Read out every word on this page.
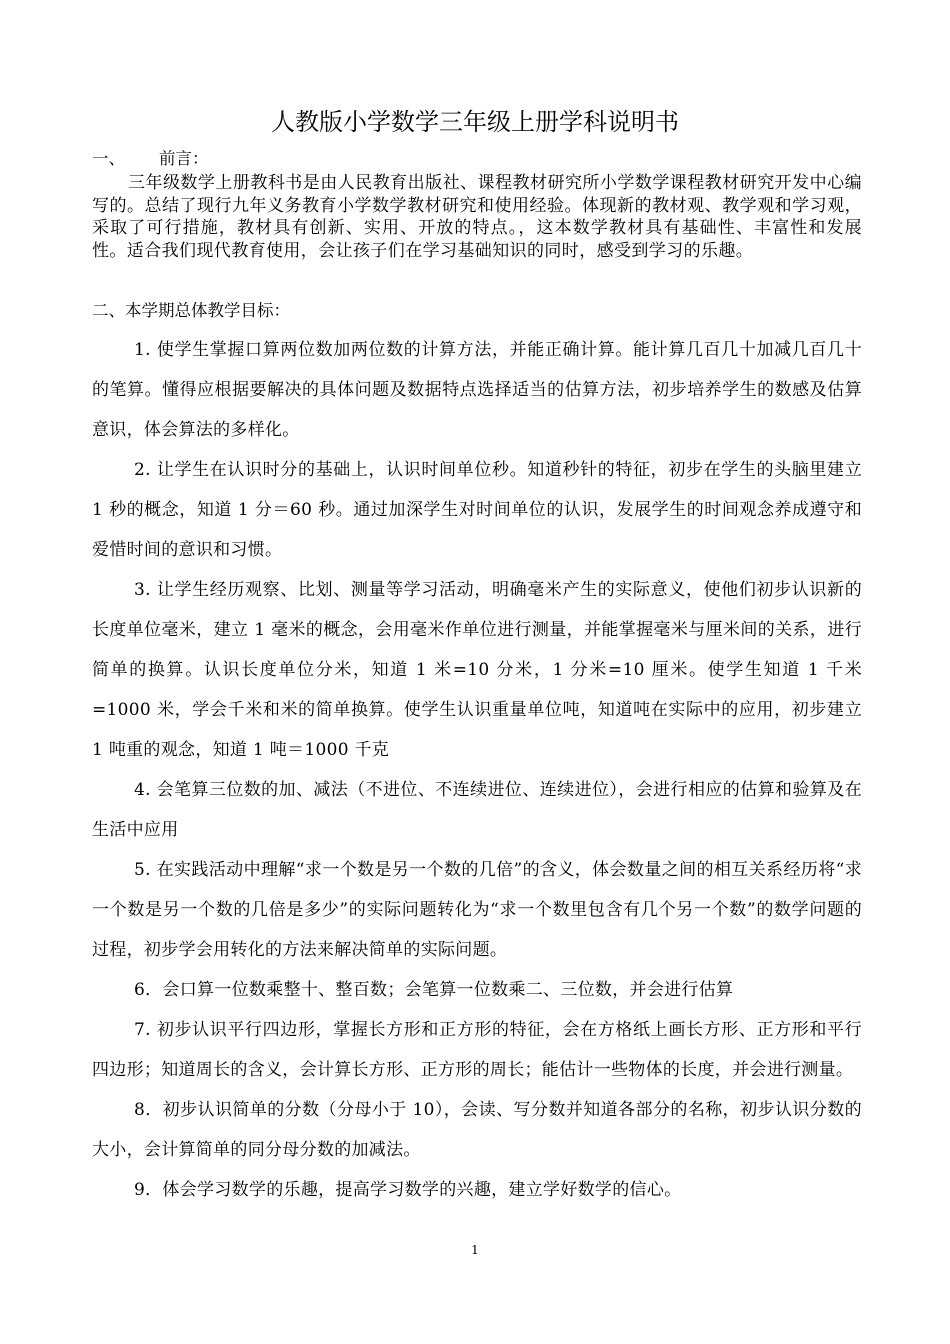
人教版小学数学三年级上册学科说明书
一、 前言：
三年级数学上册教科书是由人民教育出版社、课程教材研究所小学数学课程教材研究开发中心编写的。总结了现行九年义务教育小学数学教材研究和使用经验。体现新的教材观、教学观和学习观，采取了可行措施，教材具有创新、实用、开放的特点。，这本数学教材具有基础性、丰富性和发展性。适合我们现代教育使用，会让孩子们在学习基础知识的同时，感受到学习的乐趣。
二、本学期总体教学目标：

1. 使学生掌握口算两位数加两位数的计算方法，并能正确计算。能计算几百几十加减几百几十的笔算。懂得应根据要解决的具体问题及数据特点选择适当的估算方法，初步培养学生的数感及估算意识，体会算法的多样化。

2. 让学生在认识时分的基础上，认识时间单位秒。知道秒针的特征，初步在学生的头脑里建立 1 秒的概念，知道 1 分＝60 秒。通过加深学生对时间单位的认识，发展学生的时间观念养成遵守和爱惜时间的意识和习惯。

3. 让学生经历观察、比划、测量等学习活动，明确毫米产生的实际意义，使他们初步认识新的长度单位毫米，建立 1 毫米的概念，会用毫米作单位进行测量，并能掌握毫米与厘米间的关系，进行简单的换算。认识长度单位分米，知道 1 米=10 分米，1 分米=10 厘米。使学生知道 1 千米=1000 米，学会千米和米的简单换算。使学生认识重量单位吨，知道吨在实际中的应用，初步建立 1 吨重的观念，知道 1 吨＝1000 千克

4. 会笔算三位数的加、减法（不进位、不连续进位、连续进位），会进行相应的估算和验算及在生活中应用

5. 在实践活动中理解“求一个数是另一个数的几倍”的含义，体会数量之间的相互关系经历将“求一个数是另一个数的几倍是多少”的实际问题转化为“求一个数里包含有几个另一个数”的数学问题的过程，初步学会用转化的方法来解决简单的实际问题。

6．会口算一位数乘整十、整百数；会笔算一位数乘二、三位数，并会进行估算

7. 初步认识平行四边形，掌握长方形和正方形的特征，会在方格纸上画长方形、正方形和平行四边形；知道周长的含义，会计算长方形、正方形的周长；能估计一些物体的长度，并会进行测量。

8．初步认识简单的分数（分母小于 10），会读、写分数并知道各部分的名称，初步认识分数的大小，会计算简单的同分母分数的加减法。

9．体会学习数学的乐趣，提高学习数学的兴趣，建立学好数学的信心。

1
